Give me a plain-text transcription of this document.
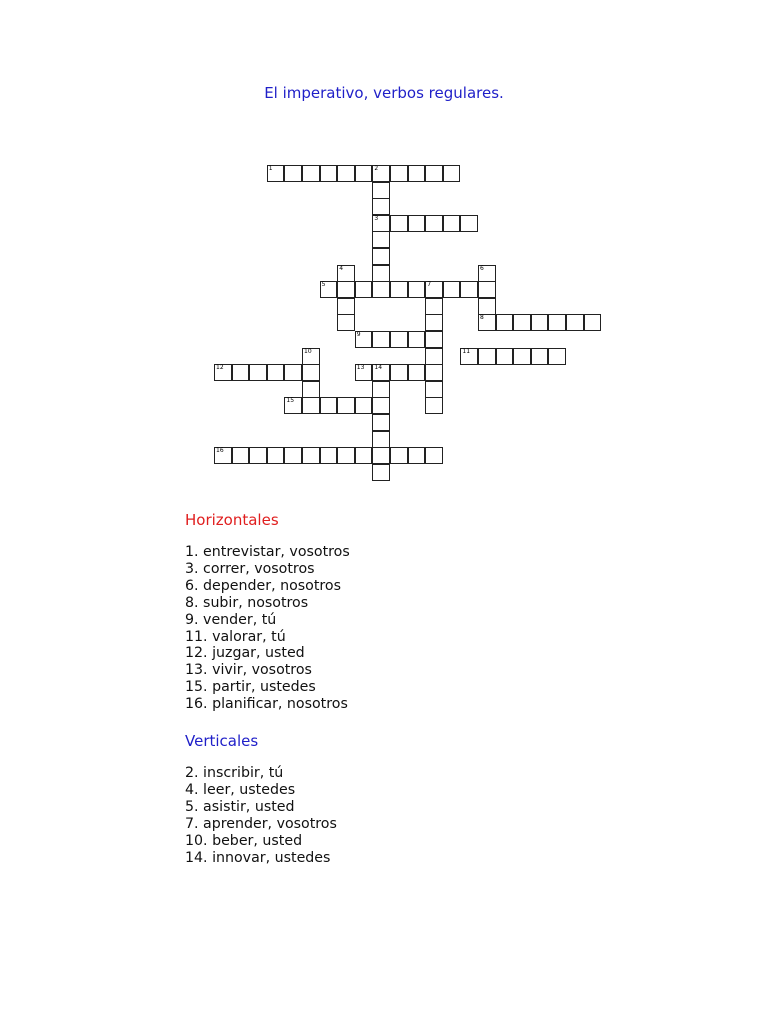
El imperativo, verbos regulares.
1	2
3
4	6
5	7
8
9
10	11
12	13 14
15
16
Horizontales
1. entrevistar, vosotros
3. correr, vosotros
6. depender, nosotros
8. subir, nosotros
9. vender, tú
11. valorar, tú
12. juzgar, usted
13. vivir, vosotros
15. partir, ustedes
16. planificar, nosotros
Verticales
2. inscribir, tú
4. leer, ustedes
5. asistir, usted
7. aprender, vosotros
10. beber, usted
14. innovar, ustedes
